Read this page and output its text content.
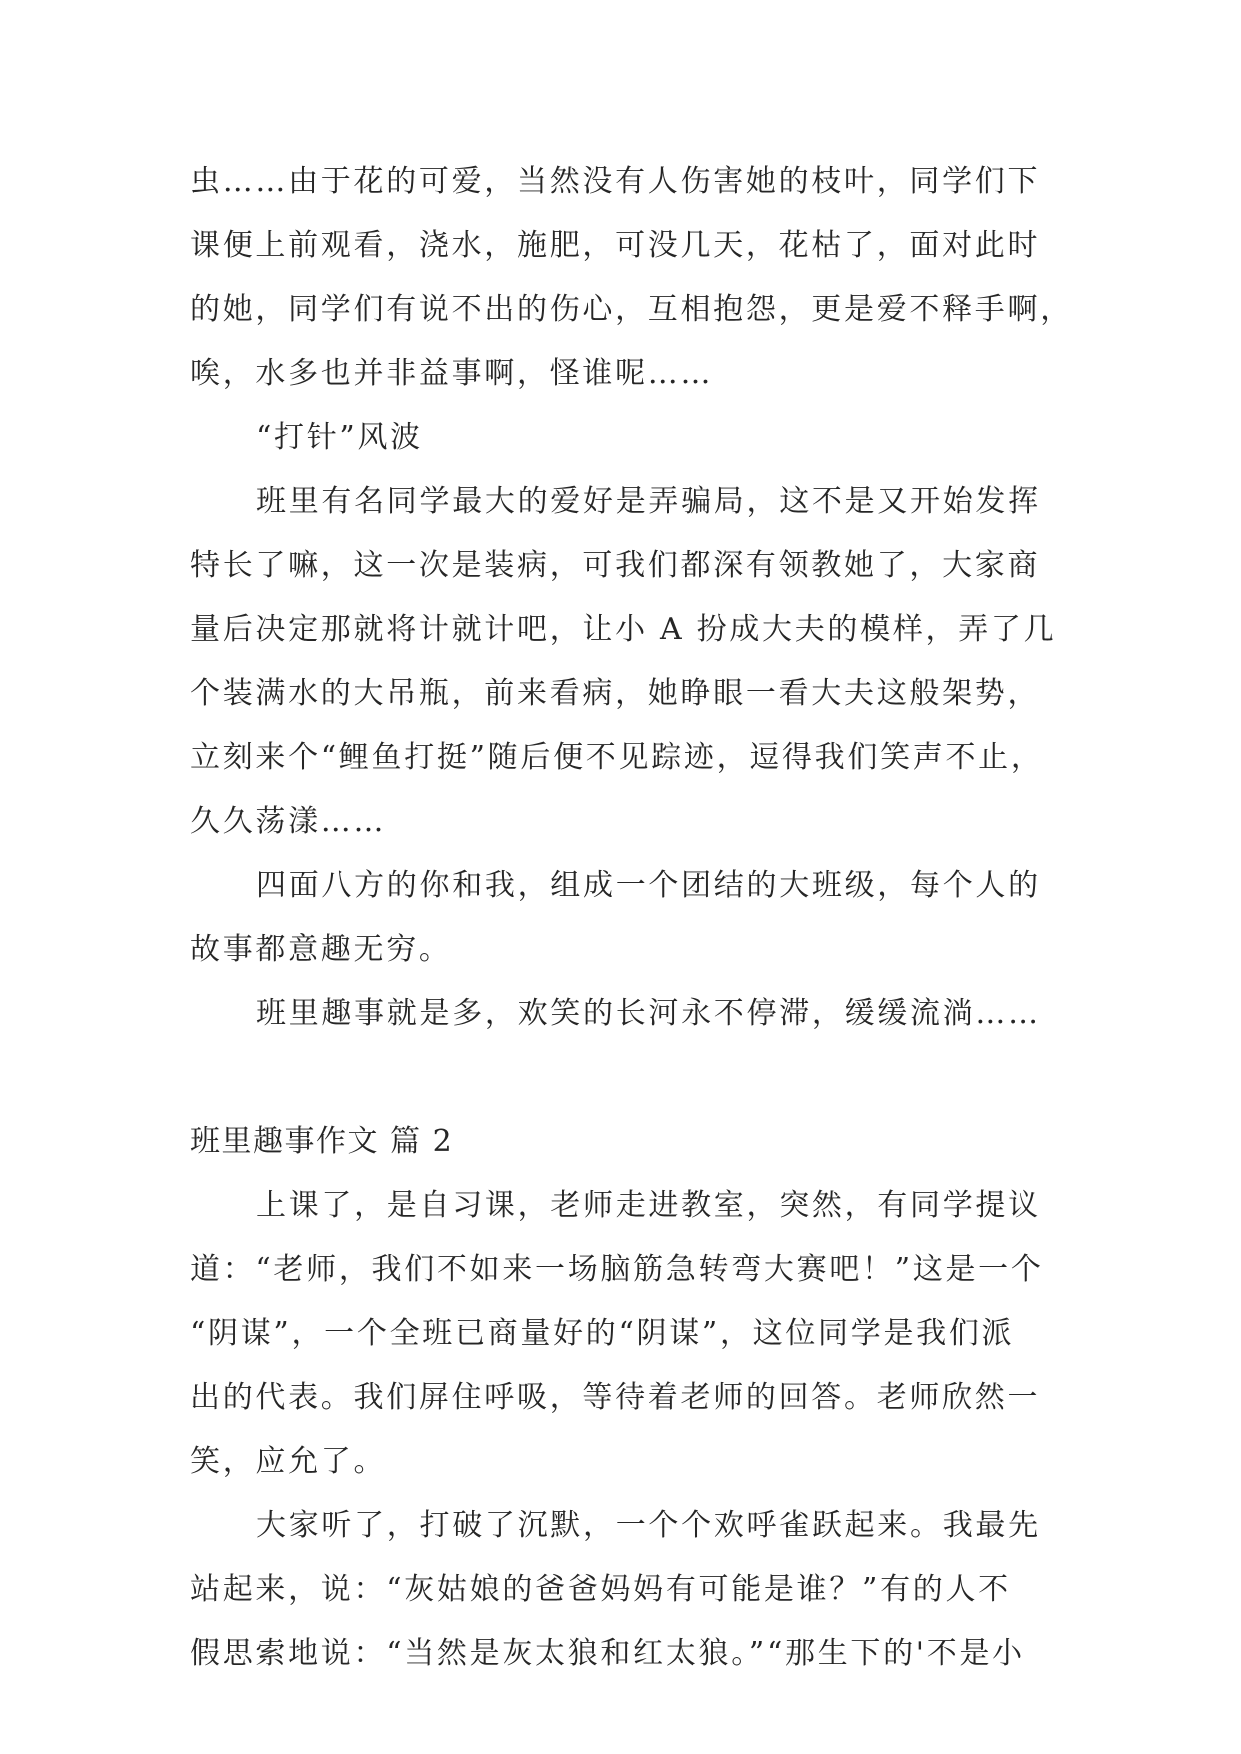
虫……由于花的可爱，当然没有人伤害她的枝叶，同学们下
课便上前观看，浇水，施肥，可没几天，花枯了，面对此时
的她，同学们有说不出的伤心，互相抱怨，更是爱不释手啊，
唉，水多也并非益事啊，怪谁呢……
“打针”风波
班里有名同学最大的爱好是弄骗局，这不是又开始发挥
特长了嘛，这一次是装病，可我们都深有领教她了，大家商
量后决定那就将计就计吧，让小 A 扮成大夫的模样，弄了几
个装满水的大吊瓶，前来看病，她睁眼一看大夫这般架势，
立刻来个“鲤鱼打挺”随后便不见踪迹，逗得我们笑声不止，
久久荡漾……
四面八方的你和我，组成一个团结的大班级，每个人的
故事都意趣无穷。
班里趣事就是多，欢笑的长河永不停滞，缓缓流淌……
班里趣事作文 篇 2
上课了，是自习课，老师走进教室，突然，有同学提议
道：“老师，我们不如来一场脑筋急转弯大赛吧！”这是一个
“阴谋”，一个全班已商量好的“阴谋”，这位同学是我们派
出的代表。我们屏住呼吸，等待着老师的回答。老师欣然一
笑，应允了。
大家听了，打破了沉默，一个个欢呼雀跃起来。我最先
站起来，说：“灰姑娘的爸爸妈妈有可能是谁？”有的人不
假思索地说：“当然是灰太狼和红太狼。”“那生下的'不是小
